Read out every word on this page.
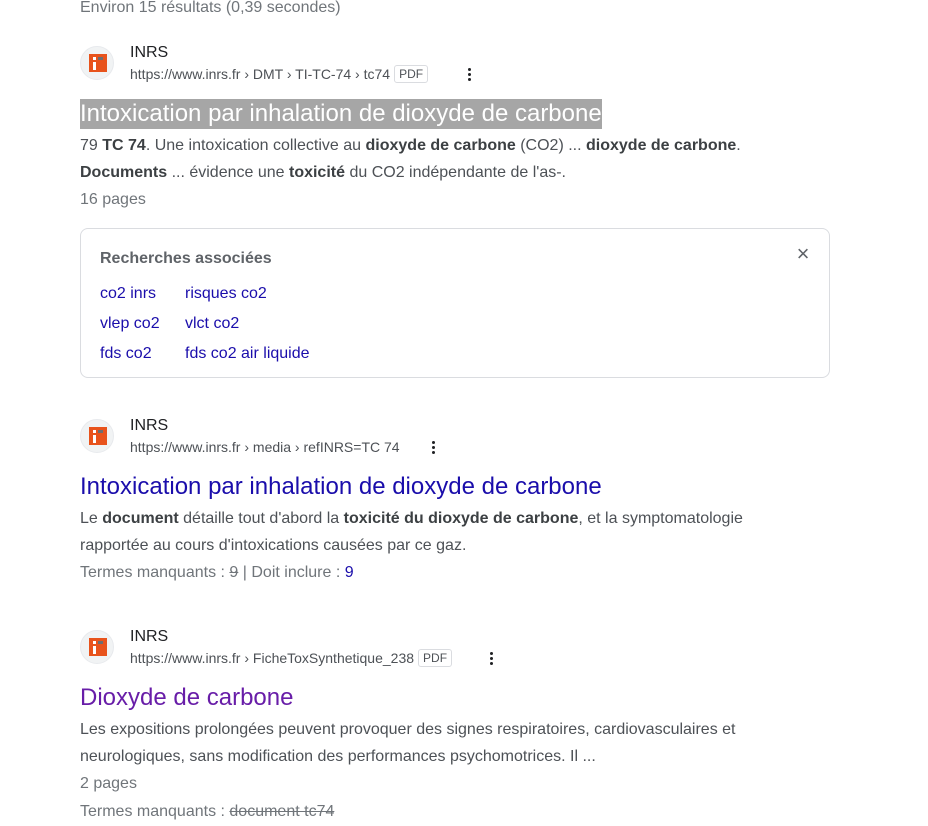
Environ 15 résultats (0,39 secondes)
INRS
https://www.inrs.fr › DMT › TI-TC-74 › tc74 PDF
Intoxication par inhalation de dioxyde de carbone
79 TC 74. Une intoxication collective au dioxyde de carbone (CO2) ... dioxyde de carbone.
Documents ... évidence une toxicité du CO2 indépendante de l'as-.
16 pages
Recherches associées	×
co2 inrs risques co2
vlep co2 vlct co2
fds co2 fds co2 air liquide
INRS
https://www.inrs.fr › media › refINRS=TC 74
Intoxication par inhalation de dioxyde de carbone
Le document détaille tout d'abord la toxicité du dioxyde de carbone, et la symptomatologie
rapportée au cours d'intoxications causées par ce gaz.
Termes manquants : 9 | Doit inclure : 9
INRS
https://www.inrs.fr › FicheToxSynthetique_238 PDF
Dioxyde de carbone
Les expositions prolongées peuvent provoquer des signes respiratoires, cardiovasculaires et
neurologiques, sans modification des performances psychomotrices. Il ...
2 pages
Termes manquants : document tc74
